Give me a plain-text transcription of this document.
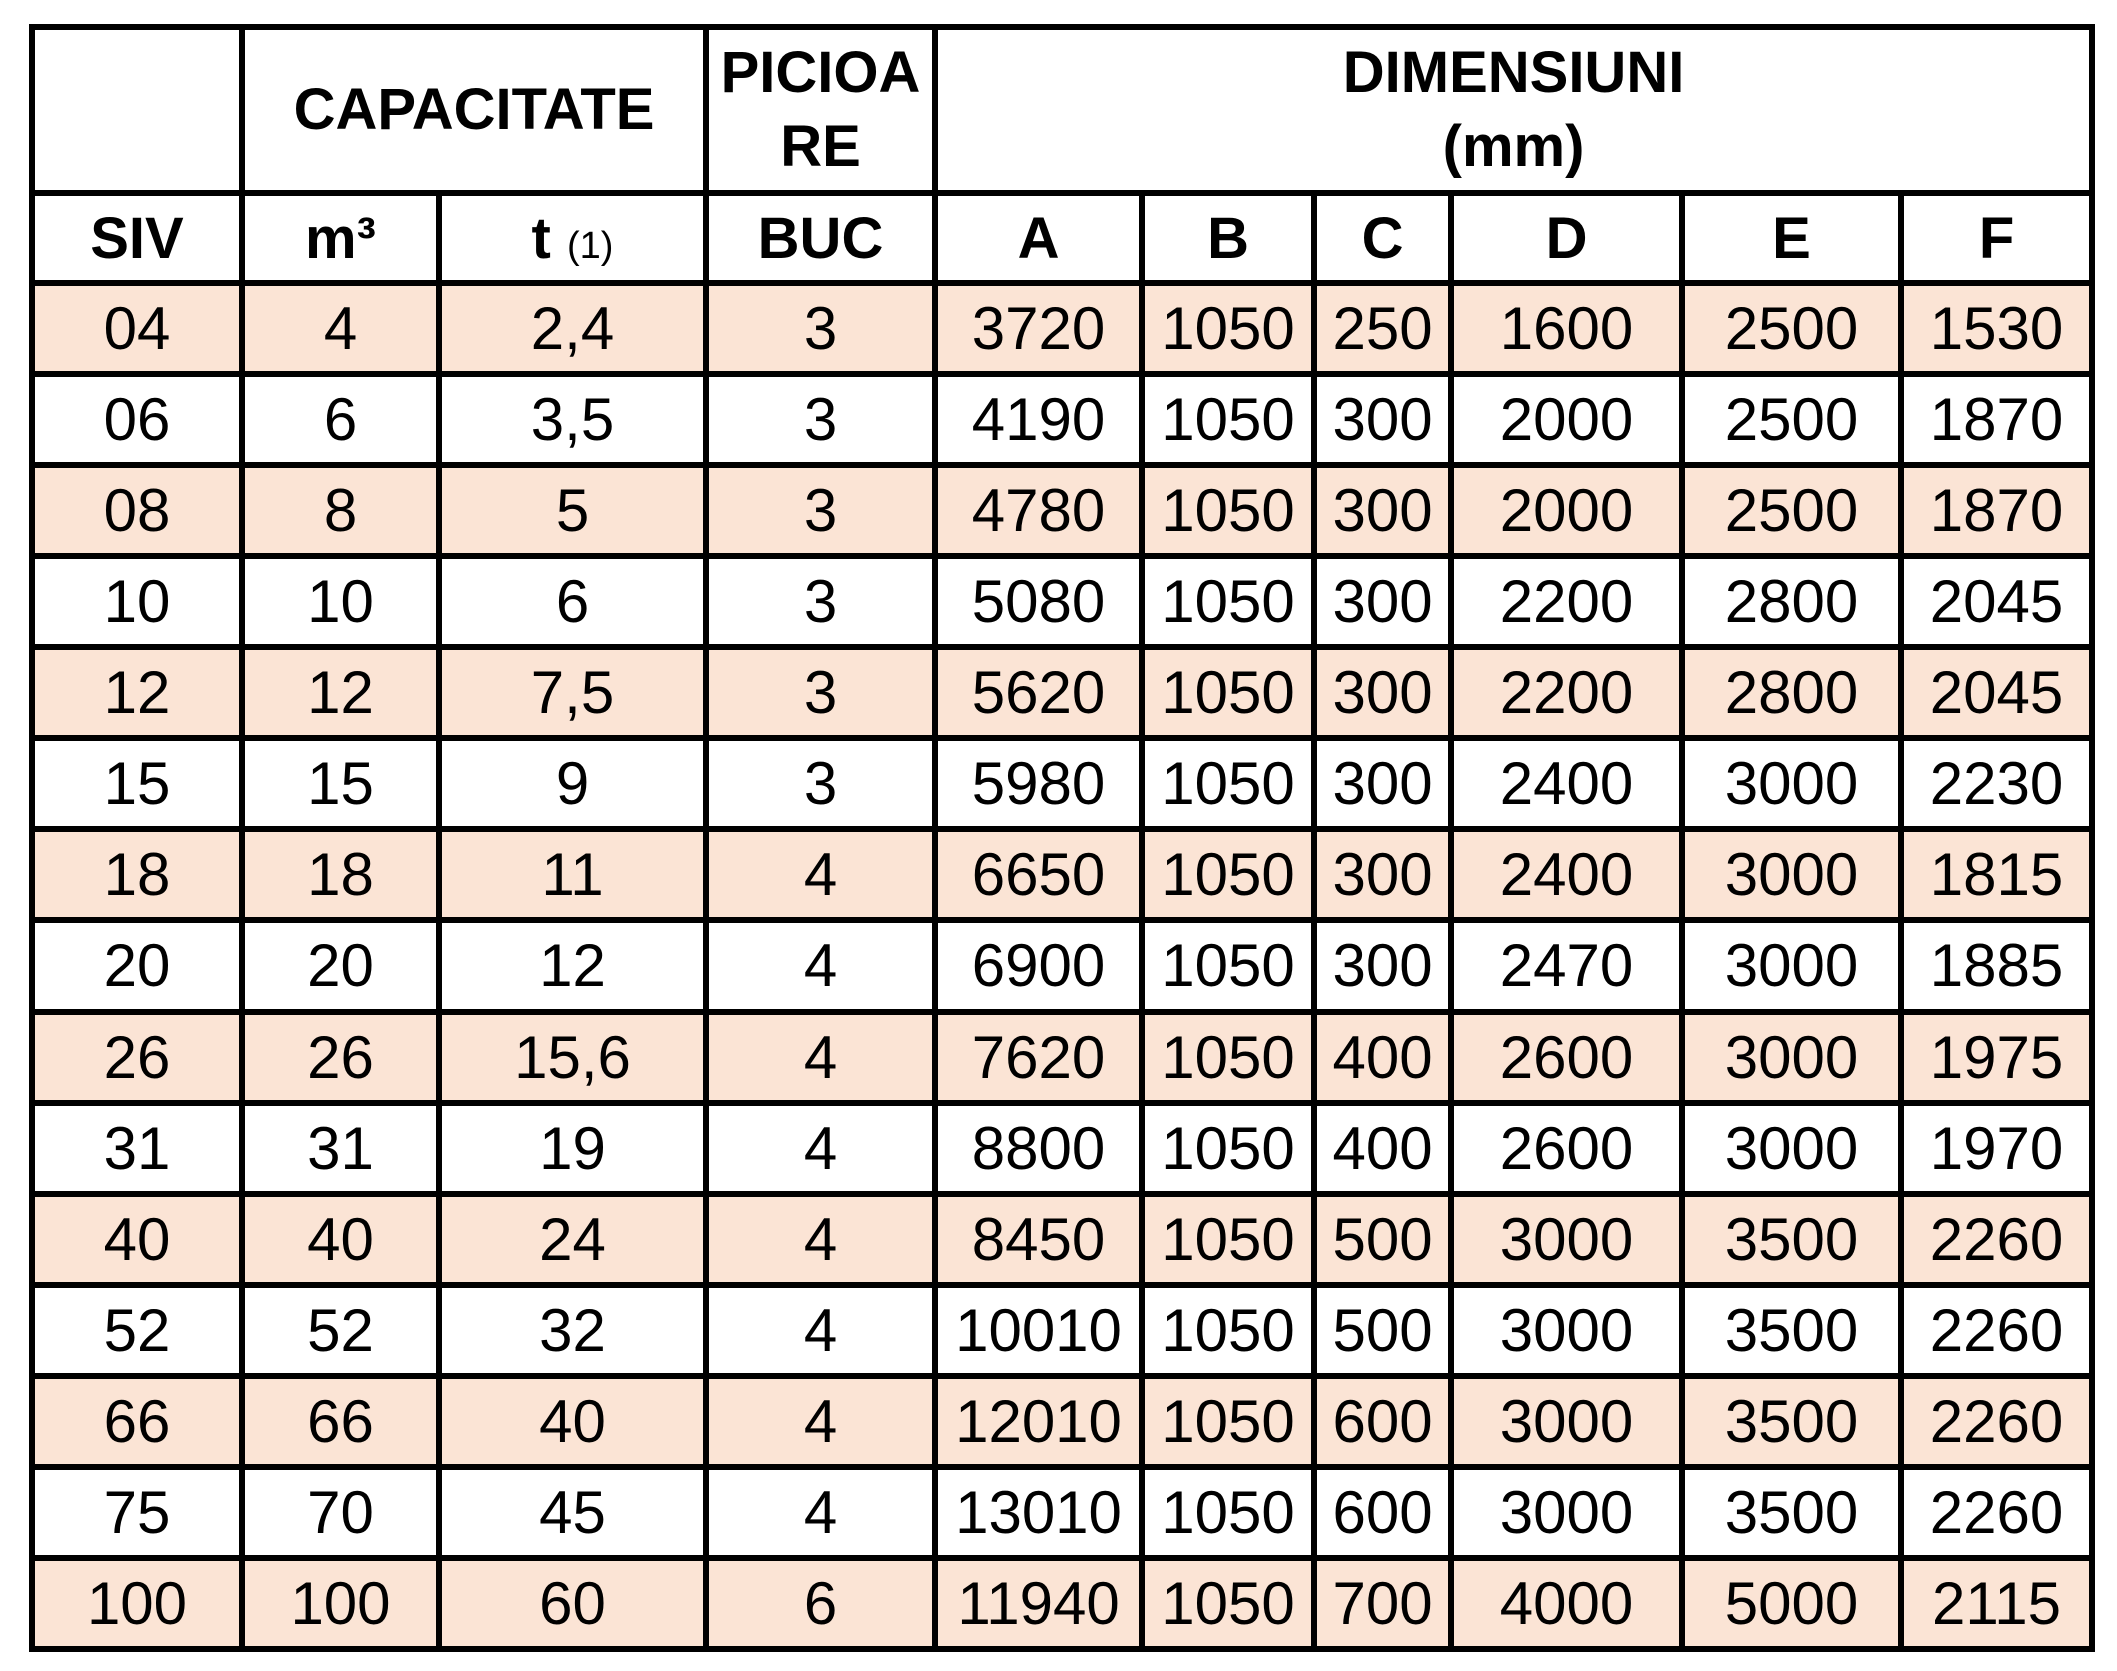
	CAPACITATE		PICIOA
RE	DIMENSIUNI
(mm)					
SIV	m³	t (1)	BUC	A	B	C	D	E	F
04	4	2,4	3	3720	1050	250	1600	2500	1530
06	6	3,5	3	4190	1050	300	2000	2500	1870
08	8	5	3	4780	1050	300	2000	2500	1870
10	10	6	3	5080	1050	300	2200	2800	2045
12	12	7,5	3	5620	1050	300	2200	2800	2045
15	15	9	3	5980	1050	300	2400	3000	2230
18	18	11	4	6650	1050	300	2400	3000	1815
20	20	12	4	6900	1050	300	2470	3000	1885
26	26	15,6	4	7620	1050	400	2600	3000	1975
31	31	19	4	8800	1050	400	2600	3000	1970
40	40	24	4	8450	1050	500	3000	3500	2260
52	52	32	4	10010	1050	500	3000	3500	2260
66	66	40	4	12010	1050	600	3000	3500	2260
75	70	45	4	13010	1050	600	3000	3500	2260
100	100	60	6	11940	1050	700	4000	5000	2115
